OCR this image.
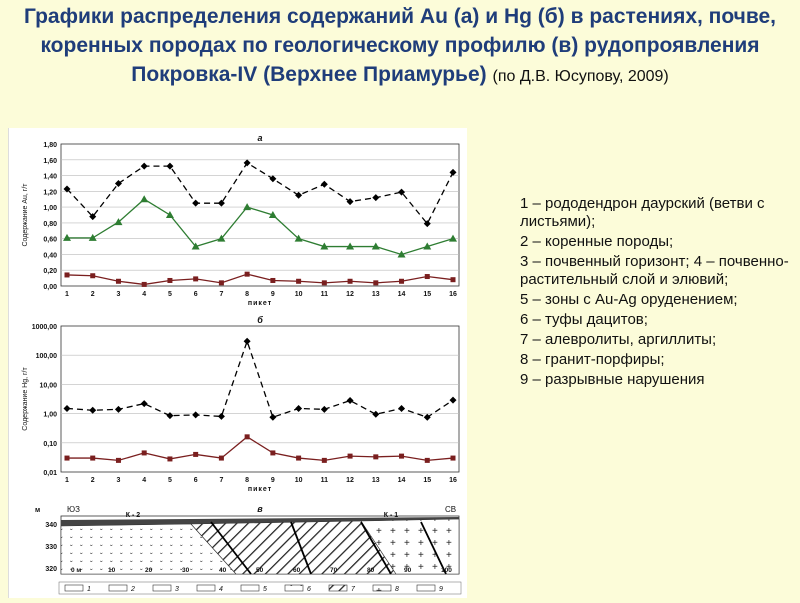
Графики распределения содержаний Au (а) и Hg (б) в растениях, почве, коренных породах по геологическому профилю (в) рудопроявления Покровка-IV (Верхнее Приамурье) (по Д.В. Юсупову, 2009)
0,00
0,20
0,40
0,60
0,80
1,00
1,20
1,40
1,60
1,80
1	2	3	4	5	6	7	8	9	10	11	12	13	14	15	16
пикет
Содержание Au, г/т
а
0,01
0,10
1,00
10,00
100,00
1000,00
1	2	3	4	5	6	7	8	9	10	11	12	13	14	15	16
пикет
Содержание Hg, г/т
б
в
ЮЗ	СВ
м
К - 2	К - 1
320
330
340
0 м	10	20	30	40	50	60	70	80	90	100
1	2	3	4	5	6	7	8	9
1 – рододендрон даурский (ветви с листьями);
2 – коренные породы;
3 – почвенный горизонт; 4 – почвенно-растительный слой и элювий;
5 – зоны с Au-Ag оруденением;
6 – туфы дацитов;
7 – алевролиты, аргиллиты;
8 – гранит-порфиры;
9 – разрывные нарушения
